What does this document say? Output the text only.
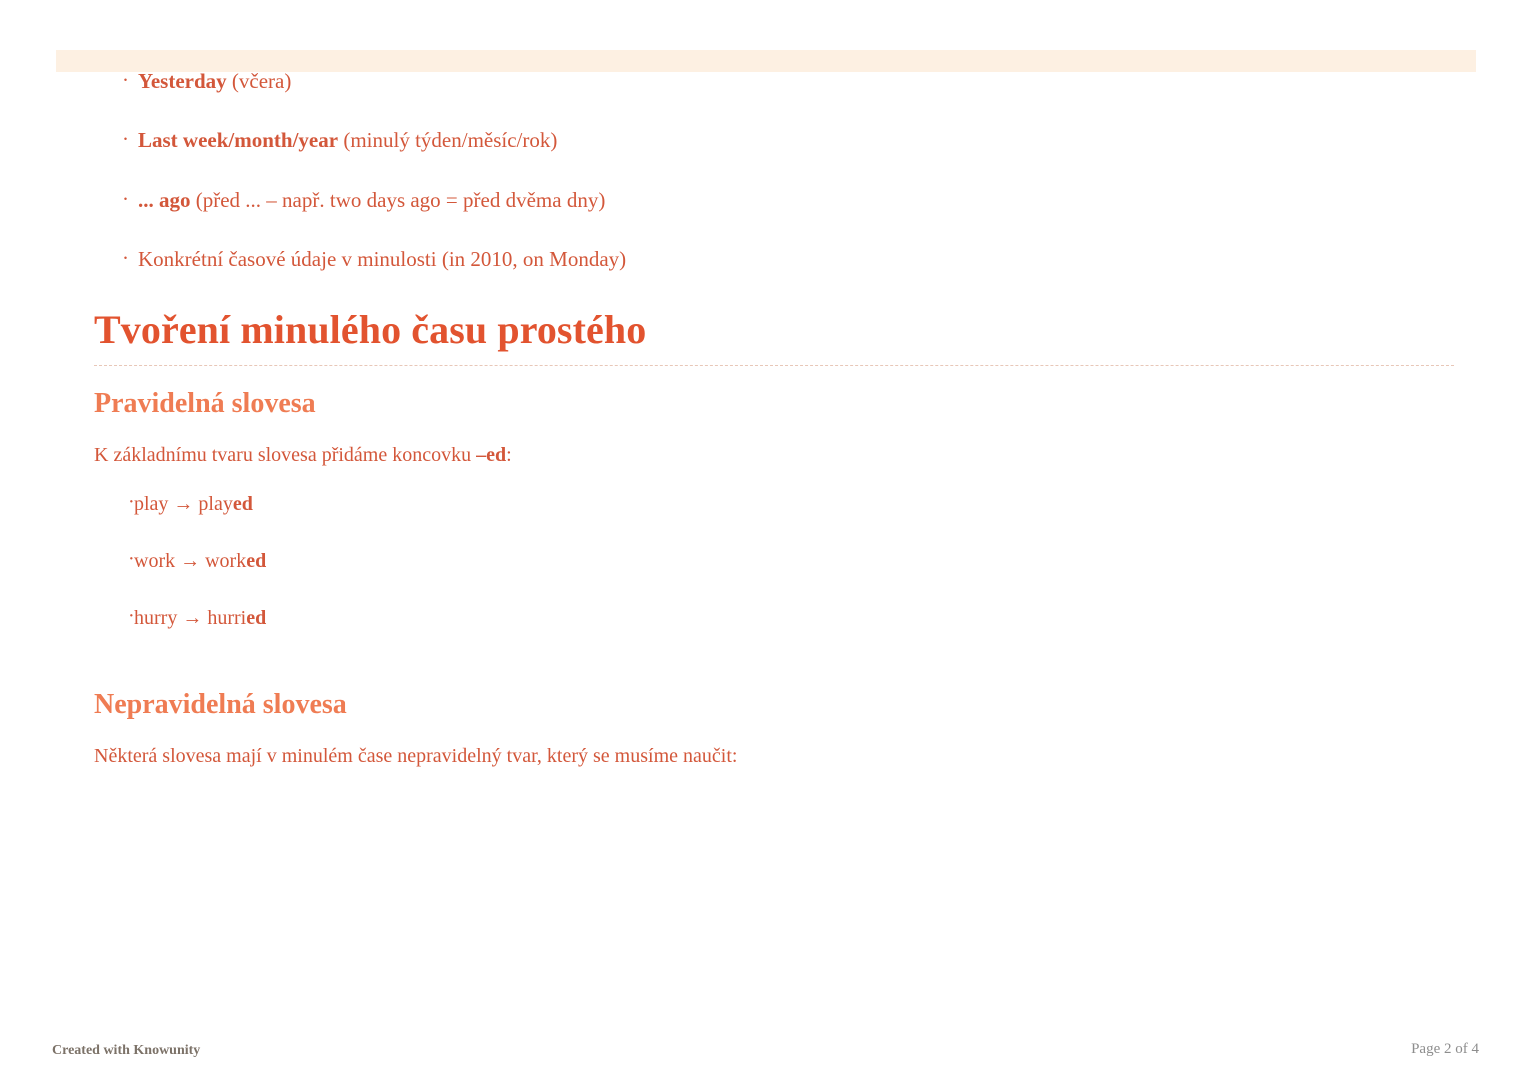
· Yesterday (včera)
· Last week/month/year (minulý týden/měsíc/rok)
· ... ago (před ... – např. two days ago = před dvěma dny)
· Konkrétní časové údaje v minulosti (in 2010, on Monday)
Tvoření minulého času prostého
Pravidelná slovesa

K základnímu tvaru slovesa přidáme koncovku –ed:

· play → played
· work → worked
· hurry → hurried
Nepravidelná slovesa

Některá slovesa mají v minulém čase nepravidelný tvar, který se musíme naučit:

Created with Knowunity	Page 2 of 4
